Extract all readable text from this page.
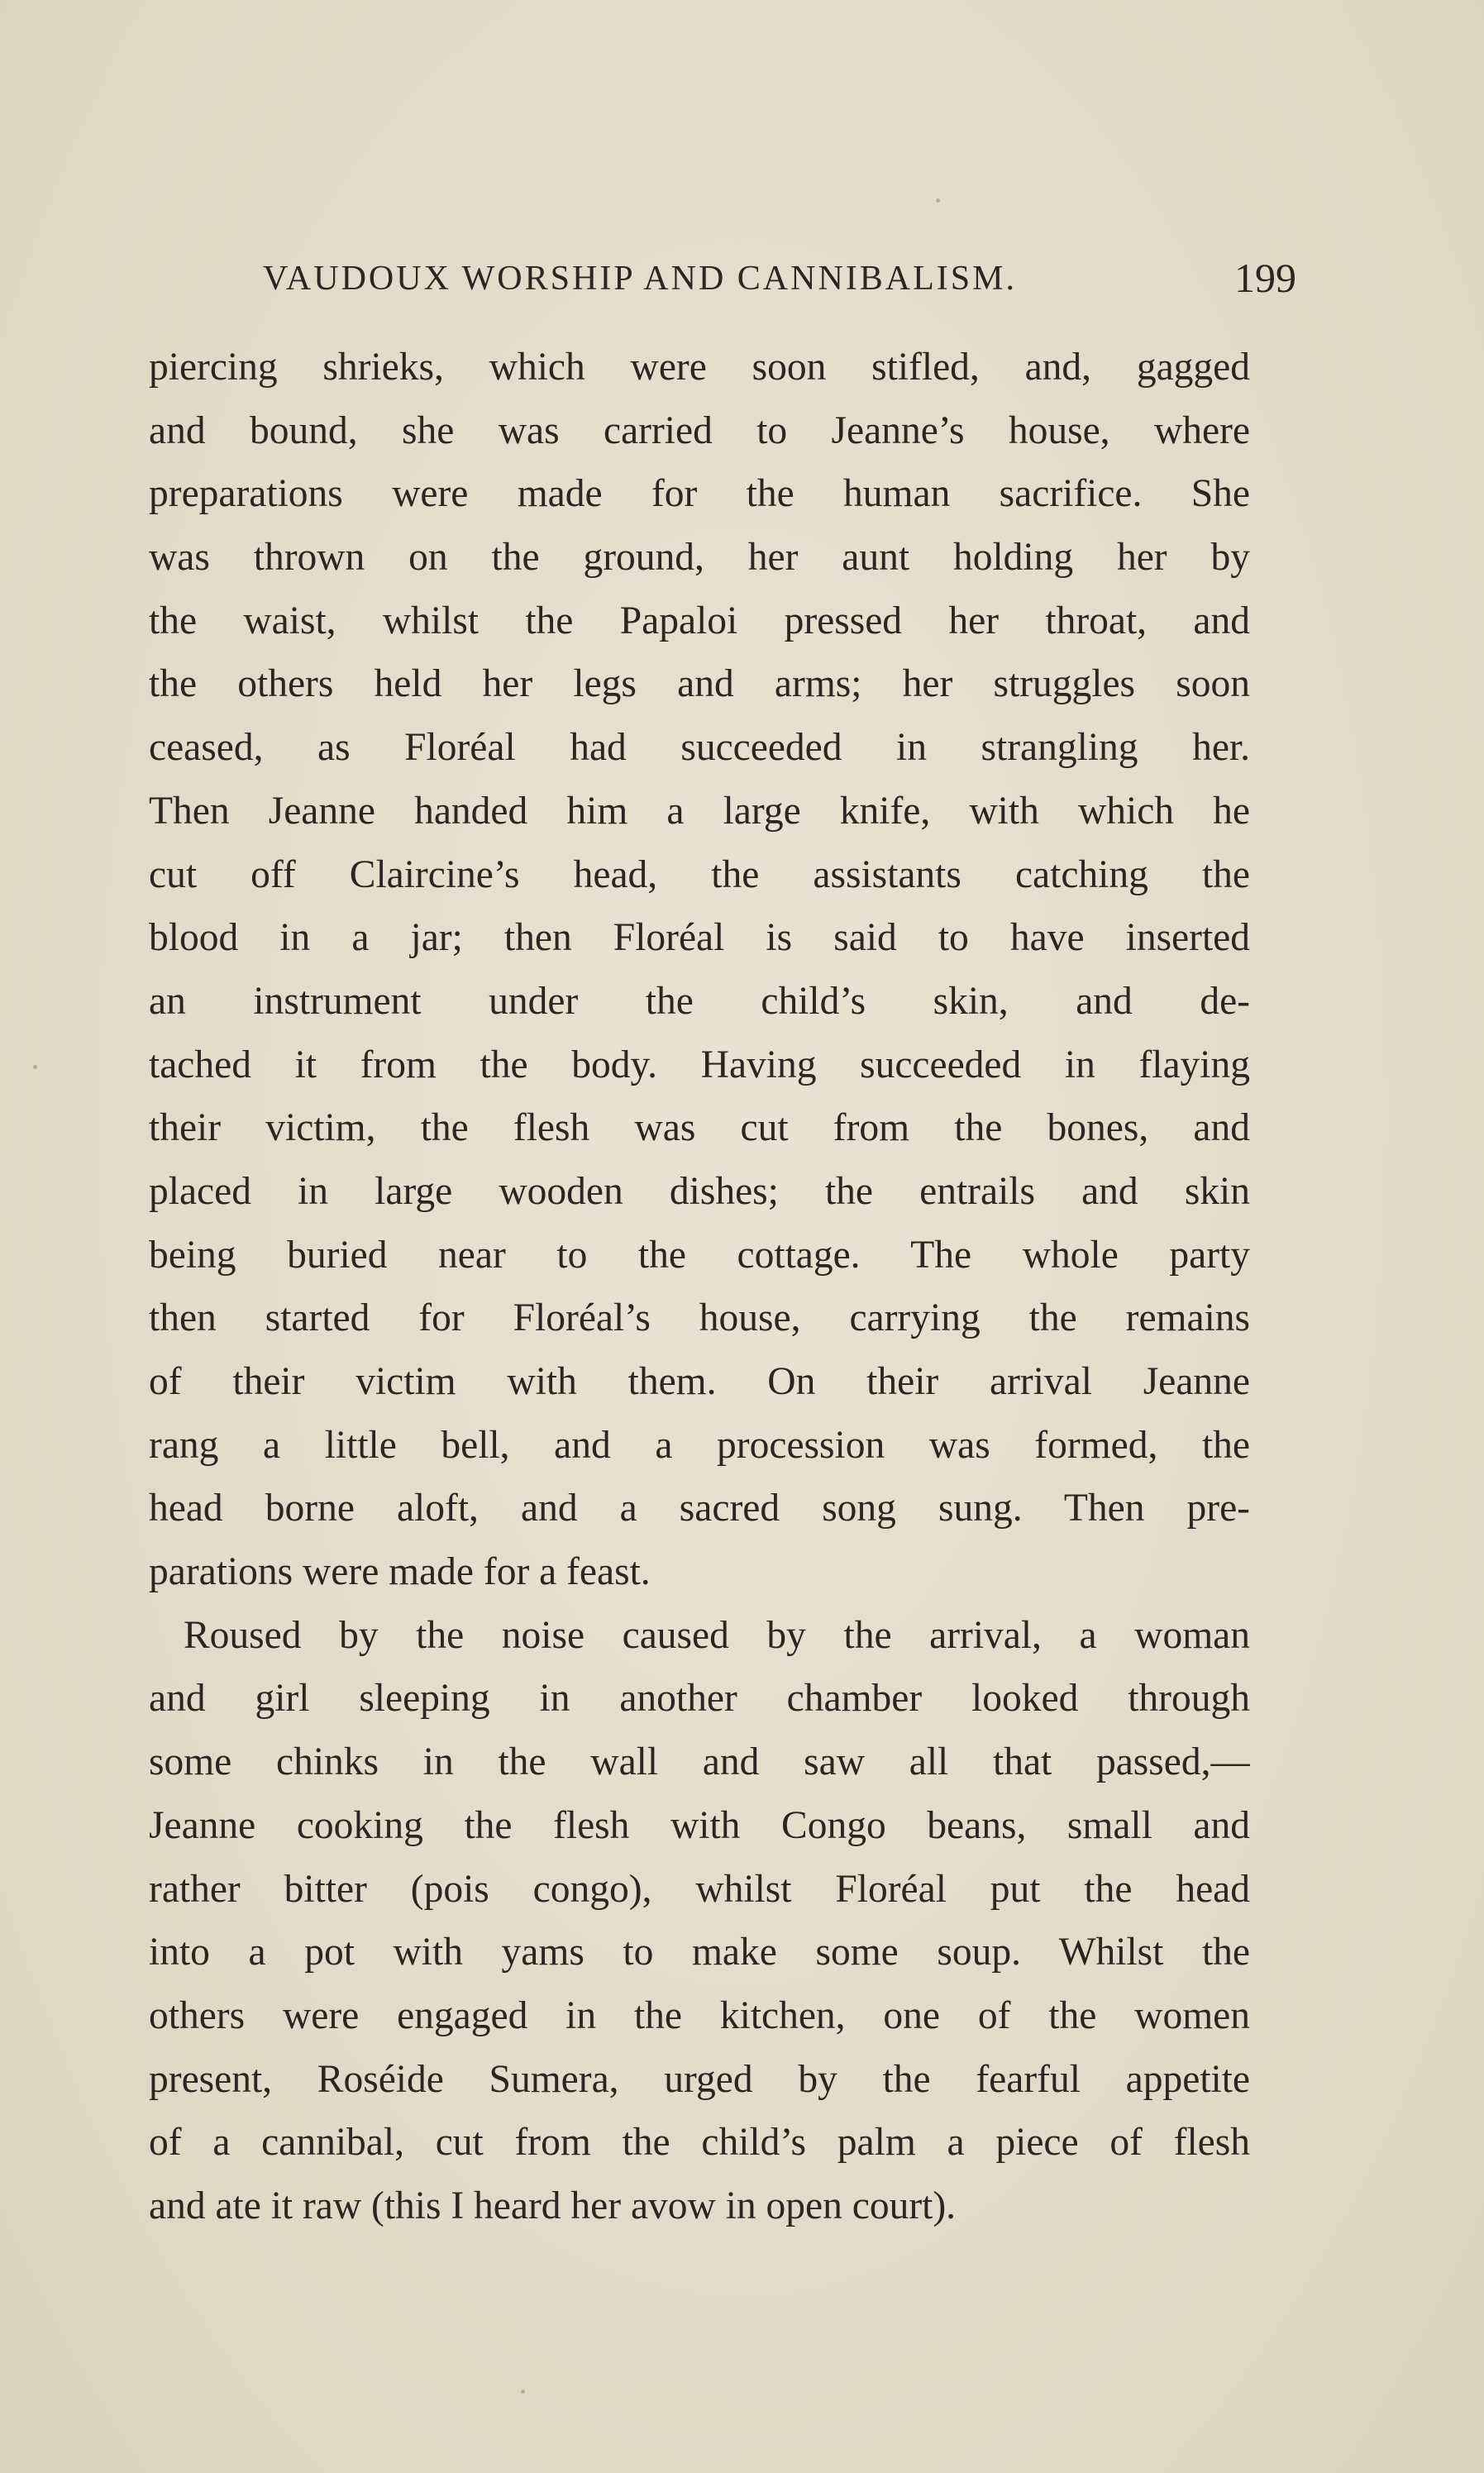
VAUDOUX WORSHIP AND CANNIBALISM.	199
piercing shrieks, which were soon stifled, and, gagged
and bound, she was carried to Jeanne’s house, where
preparations were made for the human sacrifice. She
was thrown on the ground, her aunt holding her by
the waist, whilst the Papaloi pressed her throat, and
the others held her legs and arms; her struggles soon
ceased, as Floréal had succeeded in strangling her.
Then Jeanne handed him a large knife, with which he
cut off Claircine’s head, the assistants catching the
blood in a jar; then Floréal is said to have inserted
an instrument under the child’s skin, and de-
tached it from the body. Having succeeded in flaying
their victim, the flesh was cut from the bones, and
placed in large wooden dishes; the entrails and skin
being buried near to the cottage. The whole party
then started for Floréal’s house, carrying the remains
of their victim with them. On their arrival Jeanne
rang a little bell, and a procession was formed, the
head borne aloft, and a sacred song sung. Then pre-
parations were made for a feast.
Roused by the noise caused by the arrival, a woman
and girl sleeping in another chamber looked through
some chinks in the wall and saw all that passed,—
Jeanne cooking the flesh with Congo beans, small and
rather bitter (pois congo), whilst Floréal put the head
into a pot with yams to make some soup. Whilst the
others were engaged in the kitchen, one of the women
present, Roséide Sumera, urged by the fearful appetite
of a cannibal, cut from the child’s palm a piece of flesh
and ate it raw (this I heard her avow in open court).
